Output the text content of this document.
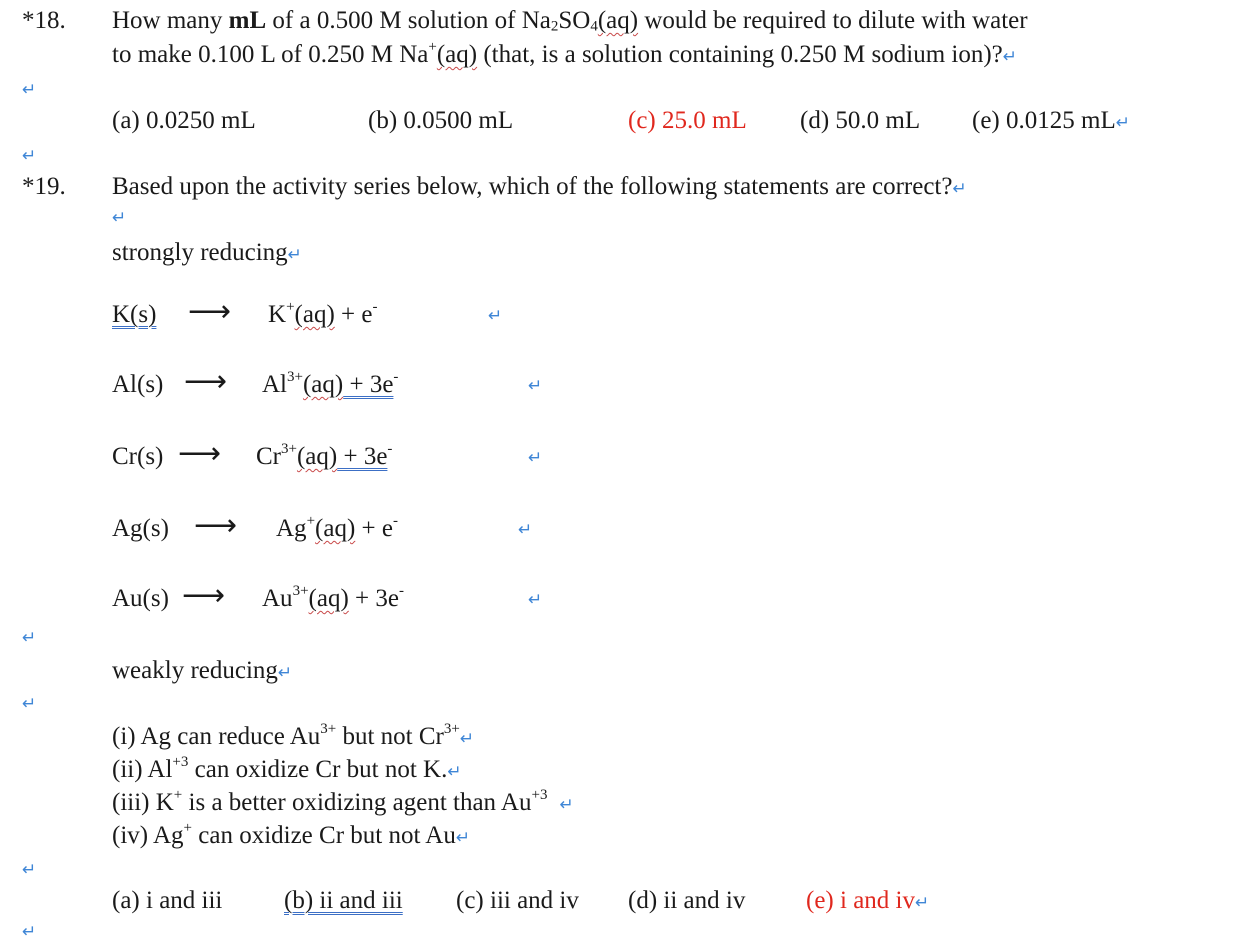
*18. How many mL of a 0.500 M solution of $Na_2SO_4(aq)$ would be required to dilute with water
to make 0.100 L of 0.250 M Na+(aq) (that, is a solution containing 0.250 M sodium ion)?↵
↵
(a) 0.0250 mL	(b) 0.0500 mL	(c) 25.0 mL (d) 50.0 mL (e) 0.0125 mL↵
↵
*19. Based upon the activity series below, which of the following statements are correct?↵
↵
strongly reducing↵
K(s) ⟶ K+(aq) + e-	↵
Al(s) ⟶ $Al^{3+}(aq) + 3e^-$	↵
Cr(s) ⟶ $Cr^{3+}(aq) + 3e^-$	↵
Ag(s) ⟶ Ag+(aq) + e-	↵
Au(s) ⟶ $Au^{3+}(aq) + 3e^-$	↵
↵
weakly reducing↵
↵
(i) Ag can reduce $Au^{3+}$ but not $Cr^{3+}↵$
(ii) $Al^{+3}$ can oxidize Cr but not K.↵
(iii) K+ is a better oxidizing agent than $Au^{+3}↵$
(iv) Ag+ can oxidize Cr but not Au↵
↵
(a) i and iii (b) ii and iii (c) iii and iv (d) ii and iv (e) i and iv↵
↵
